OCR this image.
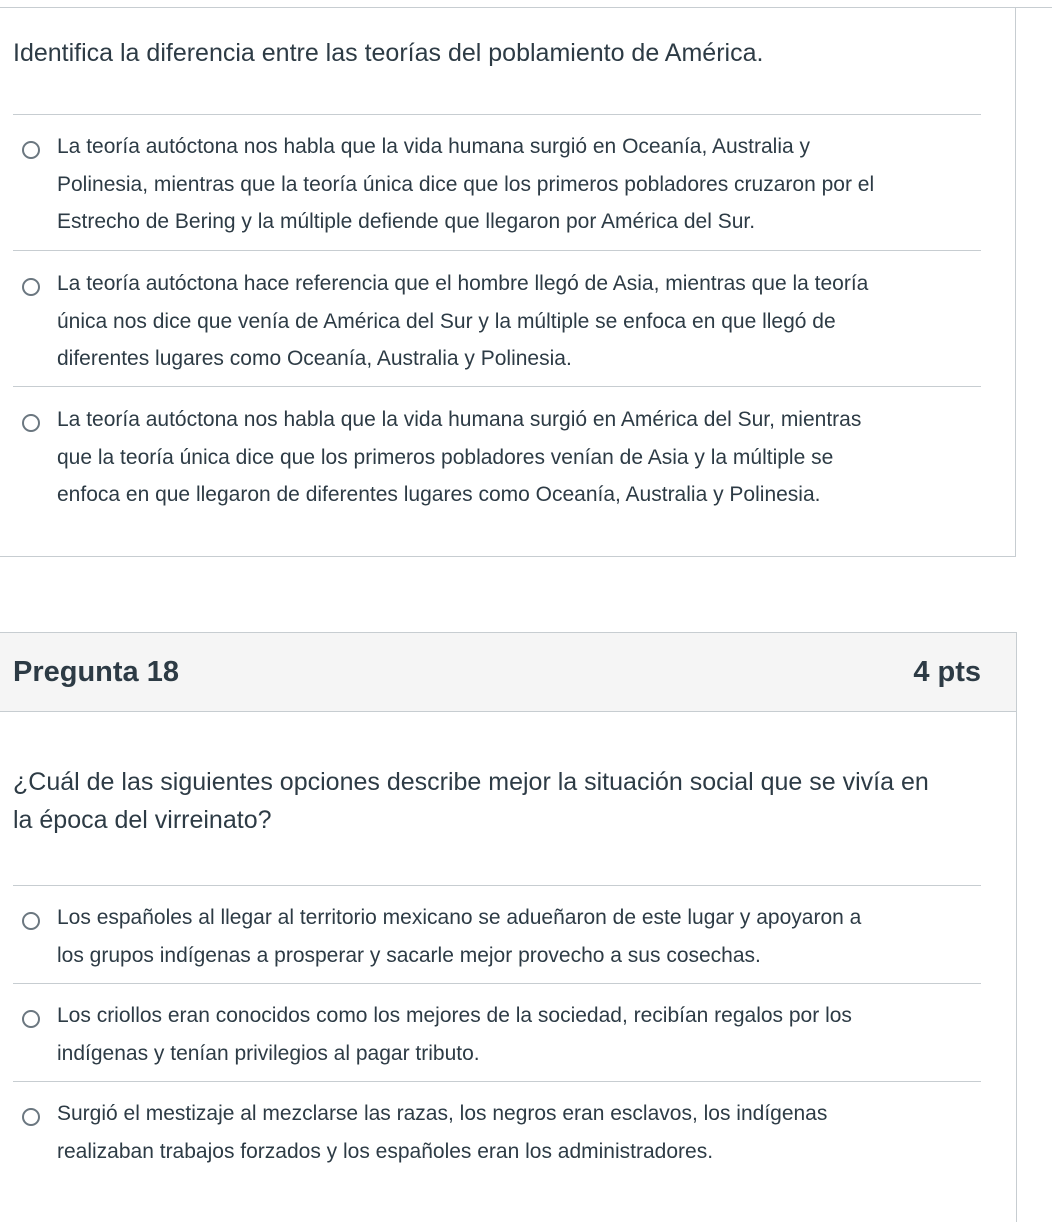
Identifica la diferencia entre las teorías del poblamiento de América.
La teoría autóctona nos habla que la vida humana surgió en Oceanía, Australia y
Polinesia, mientras que la teoría única dice que los primeros pobladores cruzaron por el
Estrecho de Bering y la múltiple defiende que llegaron por América del Sur.
La teoría autóctona hace referencia que el hombre llegó de Asia, mientras que la teoría
única nos dice que venía de América del Sur y la múltiple se enfoca en que llegó de
diferentes lugares como Oceanía, Australia y Polinesia.
La teoría autóctona nos habla que la vida humana surgió en América del Sur, mientras
que la teoría única dice que los primeros pobladores venían de Asia y la múltiple se
enfoca en que llegaron de diferentes lugares como Oceanía, Australia y Polinesia.
Pregunta 18	4 pts
¿Cuál de las siguientes opciones describe mejor la situación social que se vivía en
la época del virreinato?
Los españoles al llegar al territorio mexicano se adueñaron de este lugar y apoyaron a
los grupos indígenas a prosperar y sacarle mejor provecho a sus cosechas.
Los criollos eran conocidos como los mejores de la sociedad, recibían regalos por los
indígenas y tenían privilegios al pagar tributo.
Surgió el mestizaje al mezclarse las razas, los negros eran esclavos, los indígenas
realizaban trabajos forzados y los españoles eran los administradores.
